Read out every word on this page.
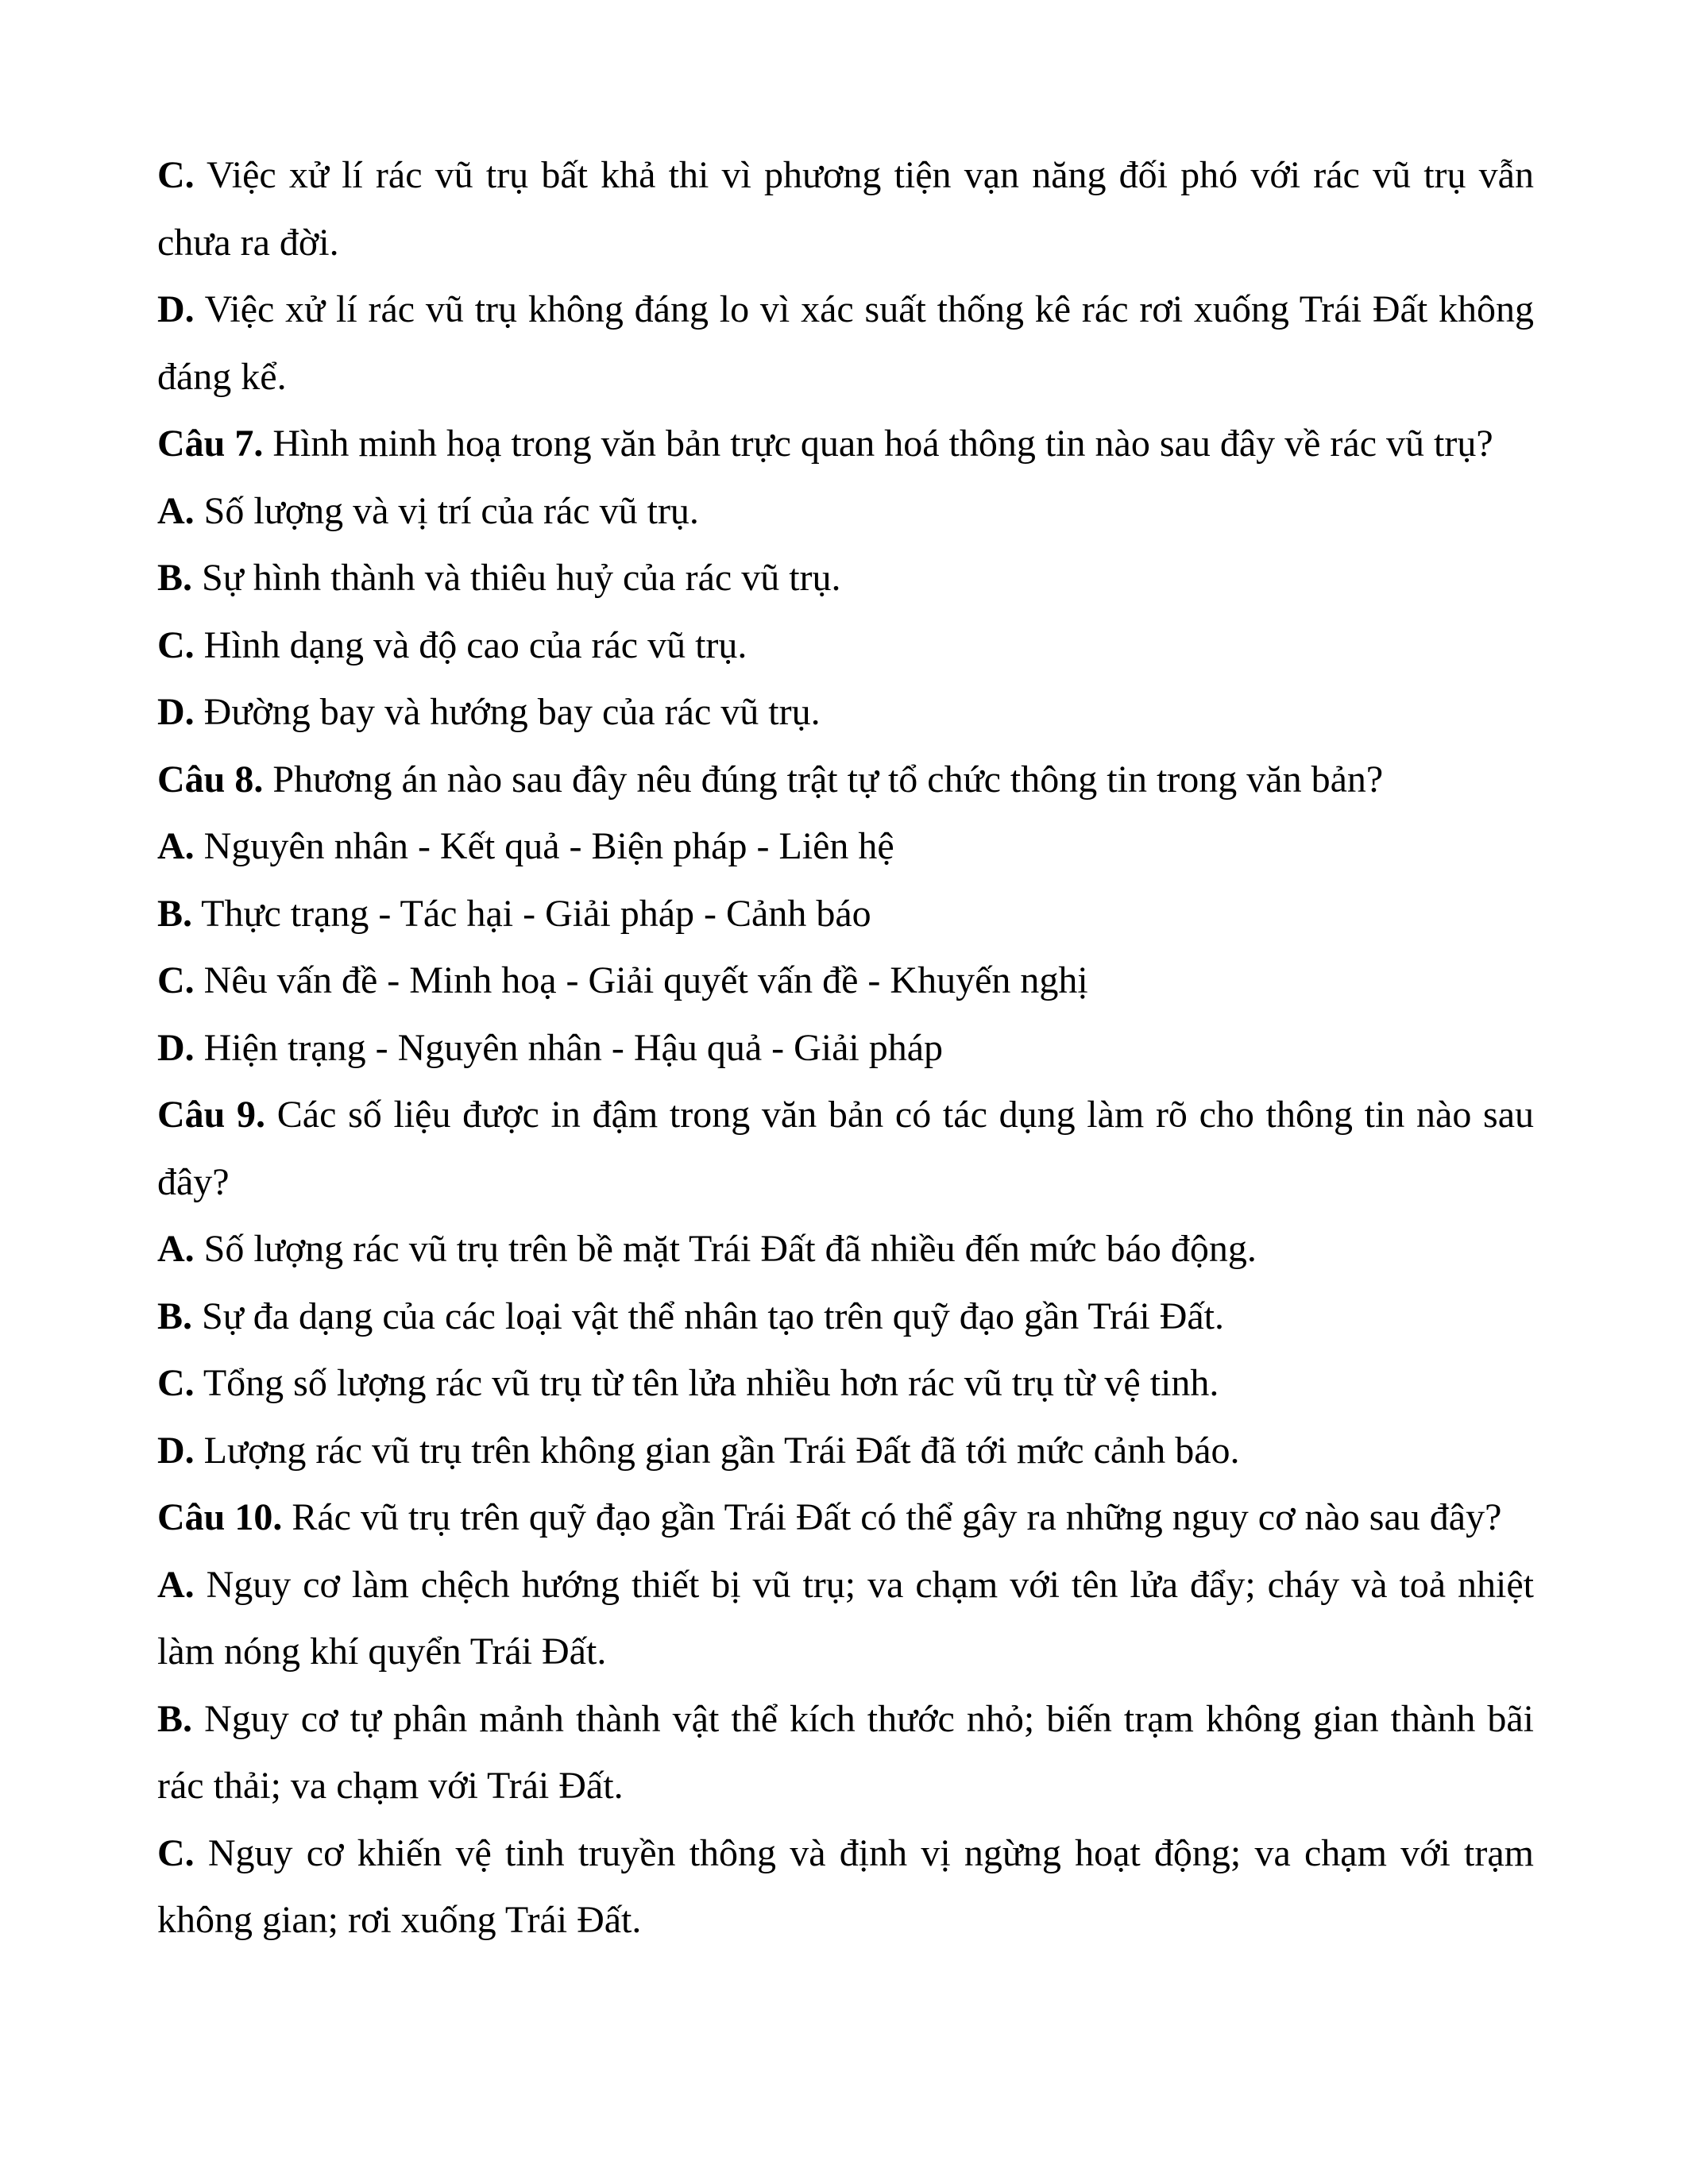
C. Việc xử lí rác vũ trụ bất khả thi vì phương tiện vạn năng đối phó với rác vũ trụ vẫn
chưa ra đời.
D. Việc xử lí rác vũ trụ không đáng lo vì xác suất thống kê rác rơi xuống Trái Đất không
đáng kể.
Câu 7. Hình minh hoạ trong văn bản trực quan hoá thông tin nào sau đây về rác vũ trụ?
A. Số lượng và vị trí của rác vũ trụ.
B. Sự hình thành và thiêu huỷ của rác vũ trụ.
C. Hình dạng và độ cao của rác vũ trụ.
D. Đường bay và hướng bay của rác vũ trụ.
Câu 8. Phương án nào sau đây nêu đúng trật tự tổ chức thông tin trong văn bản?
A. Nguyên nhân - Kết quả - Biện pháp - Liên hệ
B. Thực trạng - Tác hại - Giải pháp - Cảnh báo
C. Nêu vấn đề - Minh hoạ - Giải quyết vấn đề - Khuyến nghị
D. Hiện trạng - Nguyên nhân - Hậu quả - Giải pháp
Câu 9. Các số liệu được in đậm trong văn bản có tác dụng làm rõ cho thông tin nào sau
đây?
A. Số lượng rác vũ trụ trên bề mặt Trái Đất đã nhiều đến mức báo động.
B. Sự đa dạng của các loại vật thể nhân tạo trên quỹ đạo gần Trái Đất.
C. Tổng số lượng rác vũ trụ từ tên lửa nhiều hơn rác vũ trụ từ vệ tinh.
D. Lượng rác vũ trụ trên không gian gần Trái Đất đã tới mức cảnh báo.
Câu 10. Rác vũ trụ trên quỹ đạo gần Trái Đất có thể gây ra những nguy cơ nào sau đây?
A. Nguy cơ làm chệch hướng thiết bị vũ trụ; va chạm với tên lửa đẩy; cháy và toả nhiệt
làm nóng khí quyển Trái Đất.
B. Nguy cơ tự phân mảnh thành vật thể kích thước nhỏ; biến trạm không gian thành bãi
rác thải; va chạm với Trái Đất.
C. Nguy cơ khiến vệ tinh truyền thông và định vị ngừng hoạt động; va chạm với trạm
không gian; rơi xuống Trái Đất.
